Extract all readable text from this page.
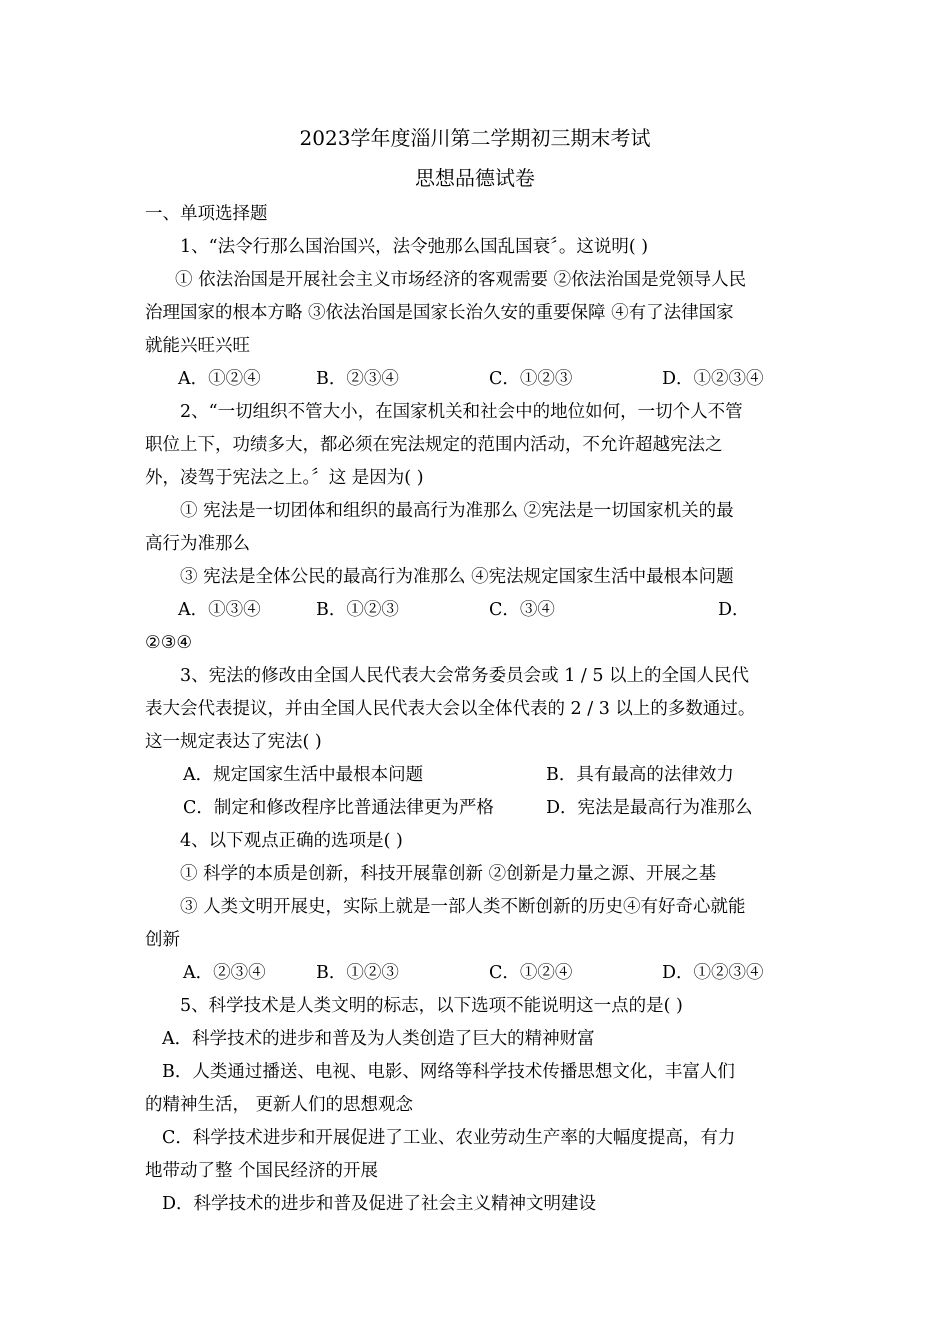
2023学年度淄川第二学期初三期末考试
思想品德试卷
一、单项选择题
1、“法令行那么国治国兴，法令弛那么国乱国衰〞。这说明( )
① 依法治国是开展社会主义市场经济的客观需要 ②依法治国是党领导人民
治理国家的根本方略 ③依法治国是国家长治久安的重要保障 ④有了法律国家
就能兴旺兴旺
A．①②④	B．②③④	C．①②③	D．①②③④
2、“一切组织不管大小，在国家机关和社会中的地位如何，一切个人不管
职位上下，功绩多大，都必须在宪法规定的范围内活动，不允许超越宪法之
外，凌驾于宪法之上。〞这 是因为( )
① 宪法是一切团体和组织的最高行为准那么 ②宪法是一切国家机关的最
高行为准那么
③ 宪法是全体公民的最高行为准那么 ④宪法规定国家生活中最根本问题
A．①③④	B．①②③	C．③④	D．
②③④
3、宪法的修改由全国人民代表大会常务委员会或 1 / 5 以上的全国人民代
表大会代表提议，并由全国人民代表大会以全体代表的 2 / 3 以上的多数通过。
这一规定表达了宪法( )
A．规定国家生活中最根本问题	B．具有最高的法律效力
C．制定和修改程序比普通法律更为严格	D．宪法是最高行为准那么
4、以下观点正确的选项是( )
① 科学的本质是创新，科技开展靠创新 ②创新是力量之源、开展之基
③ 人类文明开展史，实际上就是一部人类不断创新的历史④有好奇心就能
创新
A．②③④	B．①②③	C．①②④	D．①②③④
5、科学技术是人类文明的标志，以下选项不能说明这一点的是( )
A．科学技术的进步和普及为人类创造了巨大的精神财富
B．人类通过播送、电视、电影、网络等科学技术传播思想文化，丰富人们
的精神生活， 更新人们的思想观念
C．科学技术进步和开展促进了工业、农业劳动生产率的大幅度提高，有力
地带动了整 个国民经济的开展
D．科学技术的进步和普及促进了社会主义精神文明建设
